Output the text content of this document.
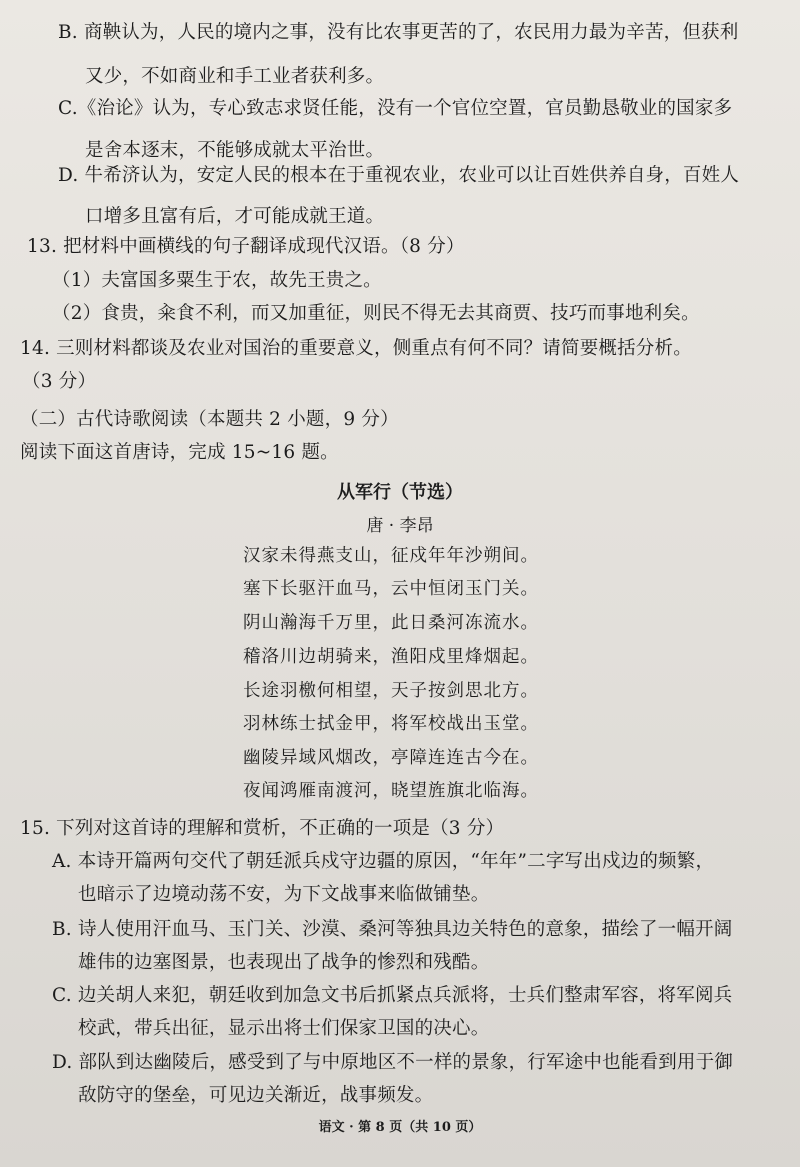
B. 商鞅认为，人民的境内之事，没有比农事更苦的了，农民用力最为辛苦，但获利
又少，不如商业和手工业者获利多。
C.《治论》认为，专心致志求贤任能，没有一个官位空置，官员勤恳敬业的国家多
是舍本逐末，不能够成就太平治世。
D. 牛希济认为，安定人民的根本在于重视农业，农业可以让百姓供养自身，百姓人
口增多且富有后，才可能成就王道。
13. 把材料中画横线的句子翻译成现代汉语。（8 分）
（1）夫富国多粟生于农，故先王贵之。
（2）食贵，籴食不利，而又加重征，则民不得无去其商贾、技巧而事地利矣。
14. 三则材料都谈及农业对国治的重要意义，侧重点有何不同？请简要概括分析。
（3 分）
（二）古代诗歌阅读（本题共 2 小题，9 分）
阅读下面这首唐诗，完成 15~16 题。
从军行（节选）
唐 · 李昂
汉家未得燕支山，征戍年年沙朔间。
塞下长驱汗血马，云中恒闭玉门关。
阴山瀚海千万里，此日桑河冻流水。
稽洛川边胡骑来，渔阳戍里烽烟起。
长途羽檄何相望，天子按剑思北方。
羽林练士拭金甲，将军校战出玉堂。
幽陵异域风烟改，亭障连连古今在。
夜闻鸿雁南渡河，晓望旌旗北临海。
15. 下列对这首诗的理解和赏析，不正确的一项是（3 分）
A. 本诗开篇两句交代了朝廷派兵戍守边疆的原因，“年年”二字写出戍边的频繁，
也暗示了边境动荡不安，为下文战事来临做铺垫。
B. 诗人使用汗血马、玉门关、沙漠、桑河等独具边关特色的意象，描绘了一幅开阔
雄伟的边塞图景，也表现出了战争的惨烈和残酷。
C. 边关胡人来犯，朝廷收到加急文书后抓紧点兵派将，士兵们整肃军容，将军阅兵
校武，带兵出征，显示出将士们保家卫国的决心。
D. 部队到达幽陵后，感受到了与中原地区不一样的景象，行军途中也能看到用于御
敌防守的堡垒，可见边关渐近，战事频发。
语文 · 第 8 页（共 10 页）
